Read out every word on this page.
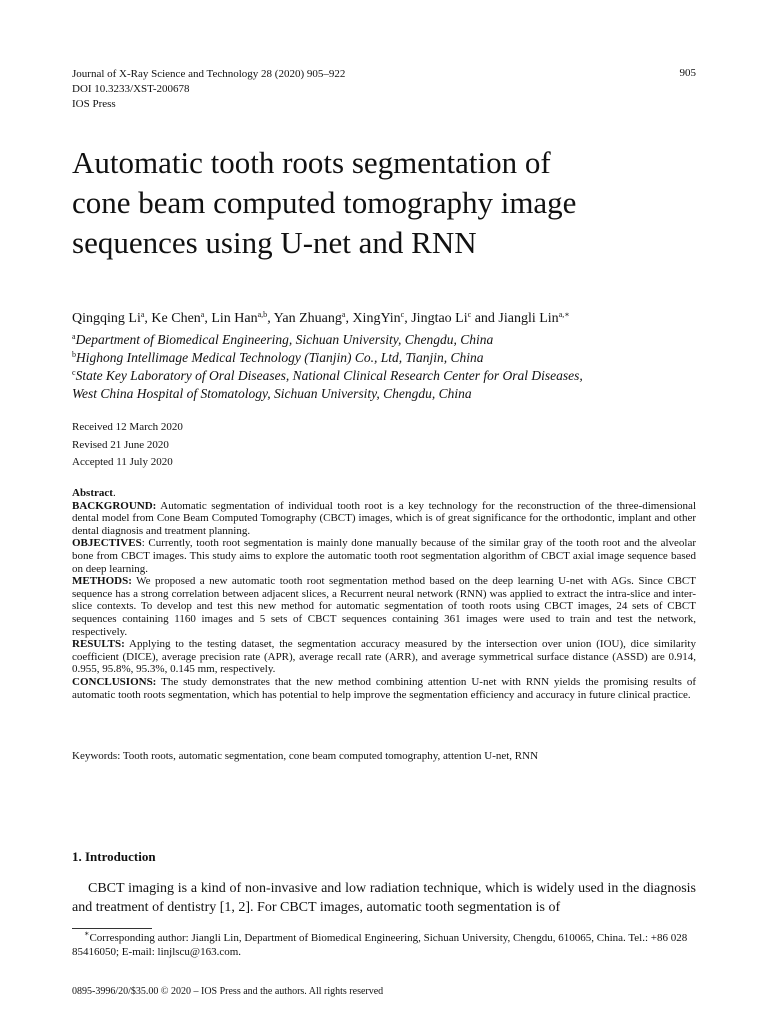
Journal of X-Ray Science and Technology 28 (2020) 905–922
DOI 10.3233/XST-200678
IOS Press
905
Automatic tooth roots segmentation of
cone beam computed tomography image
sequences using U-net and RNN
Qingqing Li$^a$, Ke Chen$^a$, Lin Han$^{a,b}$, Yan Zhuang$^a$, XingYin$^c$, Jingtao Li$^c$ and Jiangli Lin$^{a,∗}$
$^a$Department of Biomedical Engineering, Sichuan University, Chengdu, China
$^b$Highong Intellimage Medical Technology (Tianjin) Co., Ltd, Tianjin, China
$^c$State Key Laboratory of Oral Diseases, National Clinical Research Center for Oral Diseases,
West China Hospital of Stomatology, Sichuan University, Chengdu, China
Received 12 March 2020
Revised 21 June 2020
Accepted 11 July 2020

Abstract.

BACKGROUND: Automatic segmentation of individual tooth root is a key technology for the reconstruction of the three-dimensional dental model from Cone Beam Computed Tomography (CBCT) images, which is of great significance for the orthodontic, implant and other dental diagnosis and treatment planning.

OBJECTIVES: Currently, tooth root segmentation is mainly done manually because of the similar gray of the tooth root and the alveolar bone from CBCT images. This study aims to explore the automatic tooth root segmentation algorithm of CBCT axial image sequence based on deep learning.

METHODS: We proposed a new automatic tooth root segmentation method based on the deep learning U-net with AGs. Since CBCT sequence has a strong correlation between adjacent slices, a Recurrent neural network (RNN) was applied to extract the intra-slice and inter-slice contexts. To develop and test this new method for automatic segmentation of tooth roots using CBCT images, 24 sets of CBCT sequences containing 1160 images and 5 sets of CBCT sequences containing 361 images were used to train and test the network, respectively.

RESULTS: Applying to the testing dataset, the segmentation accuracy measured by the intersection over union (IOU), dice similarity coefficient (DICE), average precision rate (APR), average recall rate (ARR), and average symmetrical surface distance (ASSD) are 0.914, 0.955, 95.8%, 95.3%, 0.145 mm, respectively.

CONCLUSIONS: The study demonstrates that the new method combining attention U-net with RNN yields the promising results of automatic tooth roots segmentation, which has potential to help improve the segmentation efficiency and accuracy in future clinical practice.

Keywords: Tooth roots, automatic segmentation, cone beam computed tomography, attention U-net, RNN
1. Introduction
CBCT imaging is a kind of non-invasive and low radiation technique, which is widely used in the diagnosis and treatment of dentistry [1, 2]. For CBCT images, automatic tooth segmentation is of

∗Corresponding author: Jiangli Lin, Department of Biomedical Engineering, Sichuan University, Chengdu, 610065, China. Tel.: +86 028 85416050; E-mail: linjlscu@163.com.

0895-3996/20/$35.00 © 2020 – IOS Press and the authors. All rights reserved
